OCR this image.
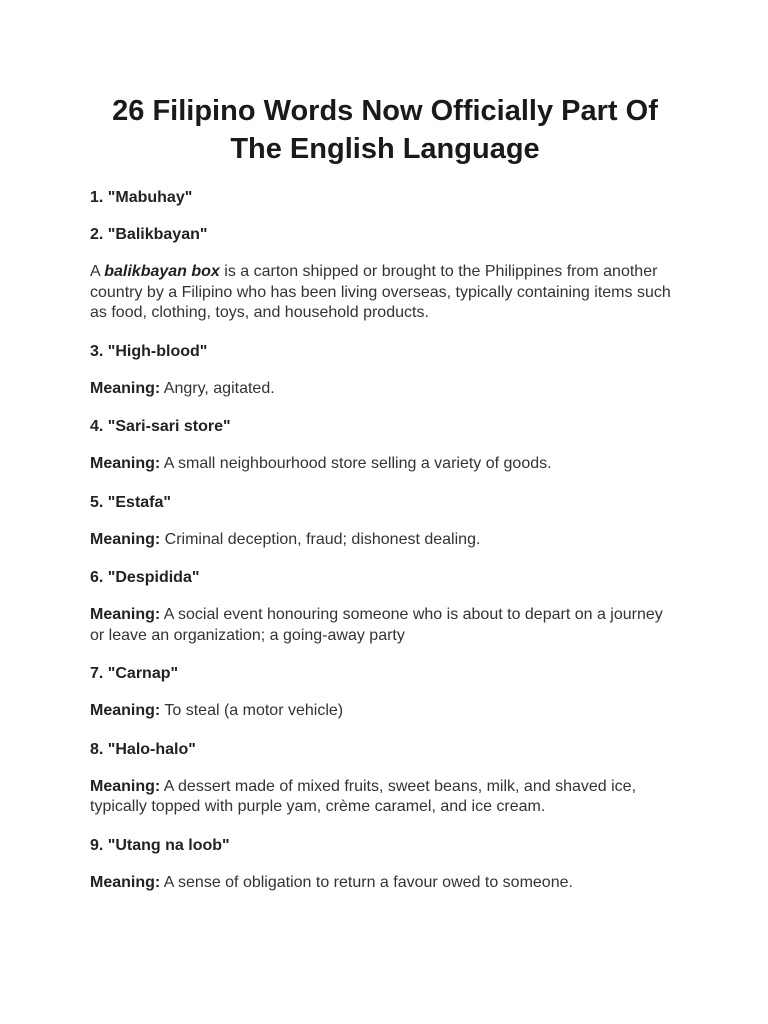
26 Filipino Words Now Officially Part Of
The English Language

1. "Mabuhay"

2. "Balikbayan"

A balikbayan box is a carton shipped or brought to the Philippines from another country by a Filipino who has been living overseas, typically containing items such as food, clothing, toys, and household products.

3. "High-blood"

Meaning: Angry, agitated.

4. "Sari-sari store"

Meaning: A small neighbourhood store selling a variety of goods.

5. "Estafa"

Meaning: Criminal deception, fraud; dishonest dealing.

6. "Despidida"

Meaning: A social event honouring someone who is about to depart on a journey or leave an organization; a going-away party

7. "Carnap"

Meaning: To steal (a motor vehicle)

8. "Halo-halo"

Meaning: A dessert made of mixed fruits, sweet beans, milk, and shaved ice, typically topped with purple yam, crème caramel, and ice cream.

9. "Utang na loob"

Meaning: A sense of obligation to return a favour owed to someone.
